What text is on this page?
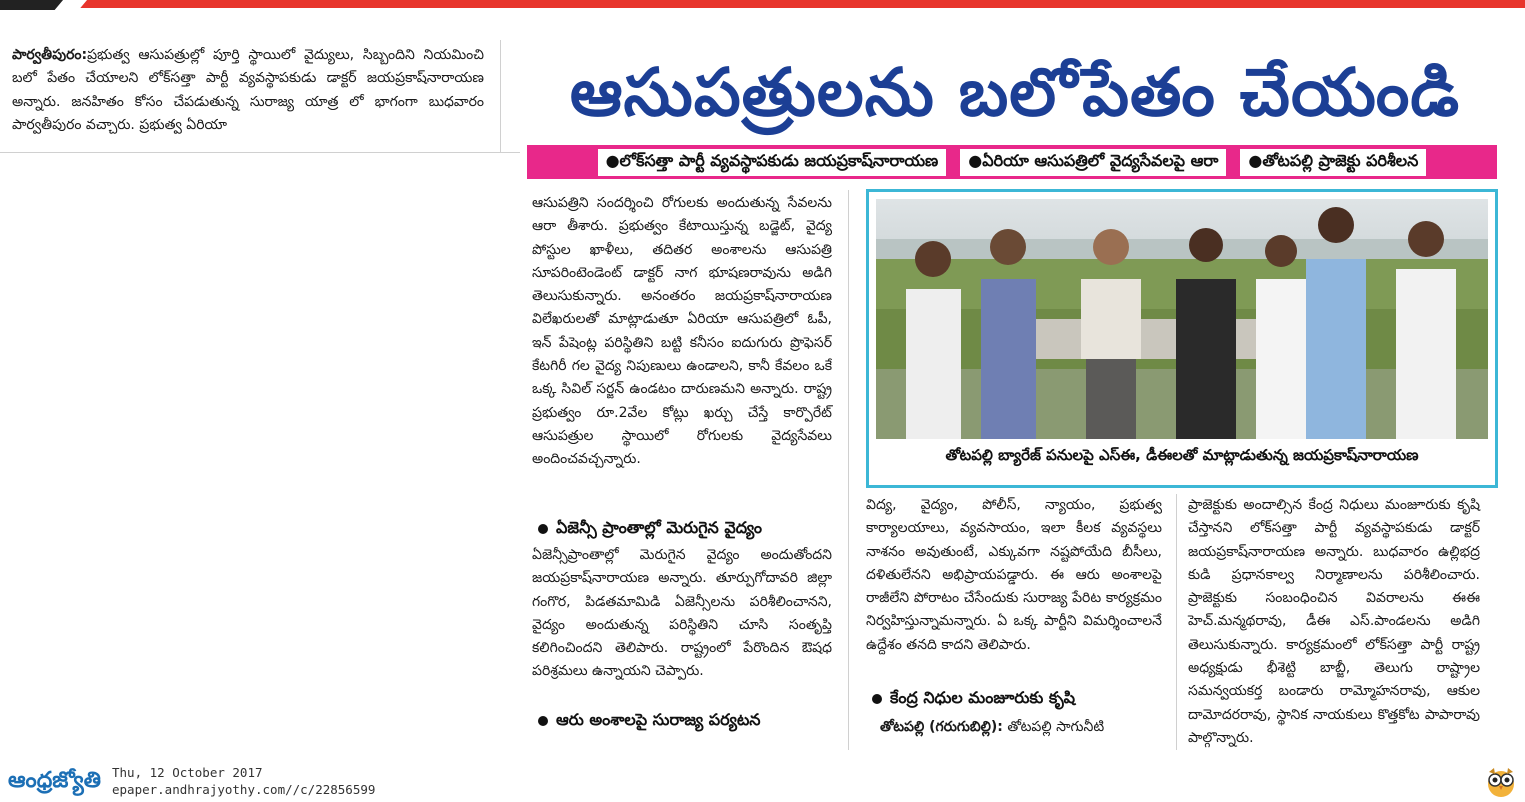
పార్వతీపురం:ప్రభుత్వ ఆసుపత్రుల్లో పూర్తి స్థాయిలో వైద్యులు, సిబ్బందిని నియమించి బలో పేతం చేయాలని లోక్‌సత్తా పార్టీ వ్యవస్థాపకుడు డాక్టర్ జయప్రకాష్‌నారాయణ అన్నారు. జనహితం కోసం చేపడుతున్న సురాజ్య యాత్ర లో భాగంగా బుధవారం పార్వతీపురం వచ్చారు. ప్రభుత్వ ఏరియా	ఆసుపత్రులను బలోపేతం చేయండి
●లోక్‌సత్తా పార్టీ వ్యవస్థాపకుడు జయప్రకాష్‌నారాయణ	●ఏరియా ఆసుపత్రిలో వైద్యసేవలపై ఆరా	●తోటపల్లి ప్రాజెక్టు పరిశీలన

ఆసుపత్రిని సందర్శించి రోగులకు అందుతున్న సేవలను ఆరా తీశారు. ప్రభుత్వం కేటాయిస్తున్న బడ్జెట్, వైద్య పోస్టుల ఖాళీలు, తదితర అంశాలను ఆసుపత్రి సూపరింటెండెంట్ డాక్టర్ నాగ భూషణరావును అడిగి తెలుసుకున్నారు. అనంతరం జయప్రకాష్‌నారాయణ విలేఖరులతో మాట్లాడుతూ ఏరియా ఆసుపత్రిలో ఓపీ, ఇన్ పేషెంట్ల పరిస్థితిని బట్టి కనీసం ఐదుగురు ప్రొఫెసర్ కేటగిరీ గల వైద్య నిపుణులు ఉండాలని, కానీ కేవలం ఒకే ఒక్క సివిల్ సర్జన్ ఉండటం దారుణమని అన్నారు. రాష్ట్ర ప్రభుత్వం రూ.2వేల కోట్లు ఖర్చు చేస్తే కార్పొరేట్ ఆసుపత్రుల స్థాయిలో రోగులకు వైద్యసేవలు అందించవచ్చన్నారు.

ఏజెన్సీ ప్రాంతాల్లో మెరుగైన వైద్యం

ఏజెన్సీప్రాంతాల్లో మెరుగైన వైద్యం అందుతోందని జయప్రకాష్‌నారాయణ అన్నారు. తూర్పుగోదావరి జిల్లా గంగొర, పిడతమామిడి ఏజెన్సీలను పరిశీలించానని, వైద్యం అందుతున్న పరిస్థితిని చూసి సంతృప్తి కలిగించిందని తెలిపారు. రాష్ట్రంలో పేరొందిన ఔషధ పరిశ్రమలు ఉన్నాయని చెప్పారు.

ఆరు అంశాలపై సురాజ్య పర్యటన
తోటపల్లి బ్యారేజ్ పనులపై ఎస్ఈ, డీఈలతో మాట్లాడుతున్న జయప్రకాష్‌నారాయణ

విద్య, వైద్యం, పోలీస్, న్యాయం, ప్రభుత్వ కార్యాలయాలు, వ్యవసాయం, ఇలా కీలక వ్యవస్థలు నాశనం అవుతుంటే, ఎక్కువగా నష్టపోయేది బీసీలు, దళితులేనని అభిప్రాయపడ్డారు. ఈ ఆరు అంశాలపై రాజీలేని పోరాటం చేసేందుకు సురాజ్య పేరిట కార్యక్రమం నిర్వహిస్తున్నామన్నారు. ఏ ఒక్క పార్టీని విమర్శించాలనే ఉద్దేశం తనది కాదని తెలిపారు.

కేంద్ర నిధుల మంజూరుకు కృషి

తోటపల్లి (గరుగుబిల్లి): తోటపల్లి సాగునీటి

ప్రాజెక్టుకు అందాల్సిన కేంద్ర నిధులు మంజూరుకు కృషి చేస్తానని లోక్‌సత్తా పార్టీ వ్యవస్థాపకుడు డాక్టర్ జయప్రకాష్‌నారాయణ అన్నారు. బుధవారం ఉల్లిభద్ర కుడి ప్రధానకాల్వ నిర్మాణాలను పరిశీలించారు. ప్రాజెక్టుకు సంబంధించిన వివరాలను ఈఈ హెచ్.మన్మథరావు, డీఈ ఎస్.పాండలను అడిగి తెలుసుకున్నారు. కార్యక్రమంలో లోక్‌సత్తా పార్టీ రాష్ట్ర అధ్యక్షుడు భీశెట్టి బాబ్జీ, తెలుగు రాష్ట్రాల సమన్వయకర్త బండారు రామ్మోహనరావు, ఆకుల దామోదరరావు, స్థానిక నాయకులు కొత్తకోట పాపారావు పాల్గొన్నారు.

ఆంధ్రజ్యోతి Thu, 12 October 2017
epaper.andhrajyothy.com//c/22856599
